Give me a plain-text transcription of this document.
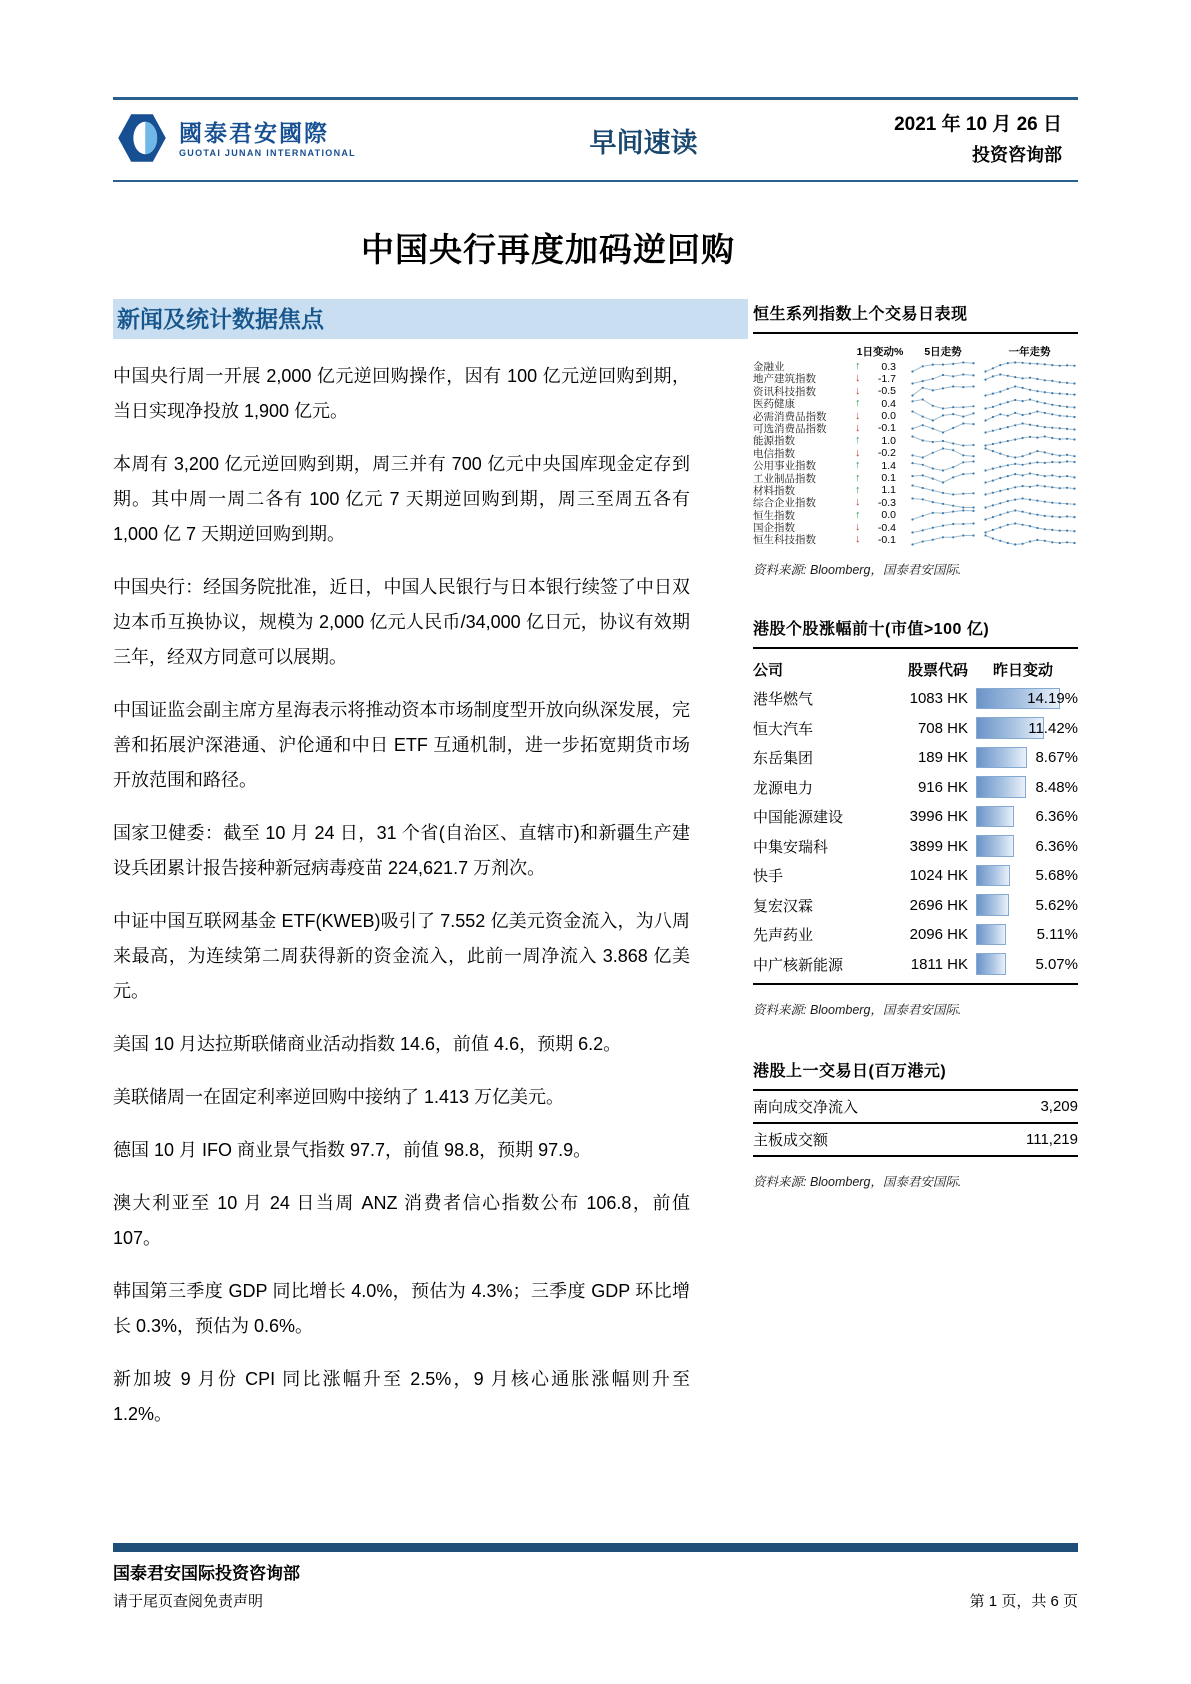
國泰君安國際
GUOTAI JUNAN INTERNATIONAL	早间速读
2021 年 10 月 26 日
投资咨询部
中国央行再度加码逆回购
新闻及统计数据焦点

中国央行周一开展 2,000 亿元逆回购操作，因有 100 亿元逆回购到期，当日实现净投放 1,900 亿元。

本周有 3,200 亿元逆回购到期，周三并有 700 亿元中央国库现金定存到期。其中周一周二各有 100 亿元 7 天期逆回购到期，周三至周五各有 1,000 亿 7 天期逆回购到期。

中国央行：经国务院批准，近日，中国人民银行与日本银行续签了中日双边本币互换协议，规模为 2,000 亿元人民币/34,000 亿日元，协议有效期三年，经双方同意可以展期。

中国证监会副主席方星海表示将推动资本市场制度型开放向纵深发展，完善和拓展沪深港通、沪伦通和中日 ETF 互通机制，进一步拓宽期货市场开放范围和路径。

国家卫健委：截至 10 月 24 日，31 个省(自治区、直辖市)和新疆生产建设兵团累计报告接种新冠病毒疫苗 224,621.7 万剂次。

中证中国互联网基金 ETF(KWEB)吸引了 7.552 亿美元资金流入，为八周来最高，为连续第二周获得新的资金流入，此前一周净流入 3.868 亿美元。

美国 10 月达拉斯联储商业活动指数 14.6，前值 4.6，预期 6.2。

美联储周一在固定利率逆回购中接纳了 1.413 万亿美元。

德国 10 月 IFO 商业景气指数 97.7，前值 98.8，预期 97.9。

澳大利亚至 10 月 24 日当周 ANZ 消费者信心指数公布 106.8，前值 107。

韩国第三季度 GDP 同比增长 4.0%，预估为 4.3%；三季度 GDP 环比增长 0.3%，预估为 0.6%。

新加坡 9 月份 CPI 同比涨幅升至 2.5%，9 月核心通胀涨幅则升至 1.2%。

恒生系列指数上个交易日表现
1日变动%	5日走势	一年走势
金融业	↑	0.3
地产建筑指数	↓	-1.7
资讯科技指数	↓	-0.5
医药健康	↑	0.4
必需消费品指数	↓	0.0
可选消费品指数	↓	-0.1
能源指数	↑	1.0
电信指数	↓	-0.2
公用事业指数	↑	1.4
工业制品指数	↑	0.1
材料指数	↑	1.1
综合企业指数	↓	-0.3
恒生指数	↑	0.0
国企指数	↓	-0.4
恒生科技指数	↓	-0.1
资料来源: Bloomberg，国泰君安国际.
港股个股涨幅前十(市值>100 亿)
公司	股票代码	昨日变动
港华燃气	1083 HK	14.19%
恒大汽车	708 HK	11.42%
东岳集团	189 HK	8.67%
龙源电力	916 HK	8.48%
中国能源建设	3996 HK	6.36%
中集安瑞科	3899 HK	6.36%
快手	1024 HK	5.68%
复宏汉霖	2696 HK	5.62%
先声药业	2096 HK	5.11%
中广核新能源	1811 HK	5.07%
资料来源: Bloomberg，国泰君安国际.
港股上一交易日(百万港元)
南向成交净流入	3,209
主板成交额	111,219
资料来源: Bloomberg，国泰君安国际.
国泰君安国际投资咨询部
请于尾页查阅免责声明	第 1 页，共 6 页
